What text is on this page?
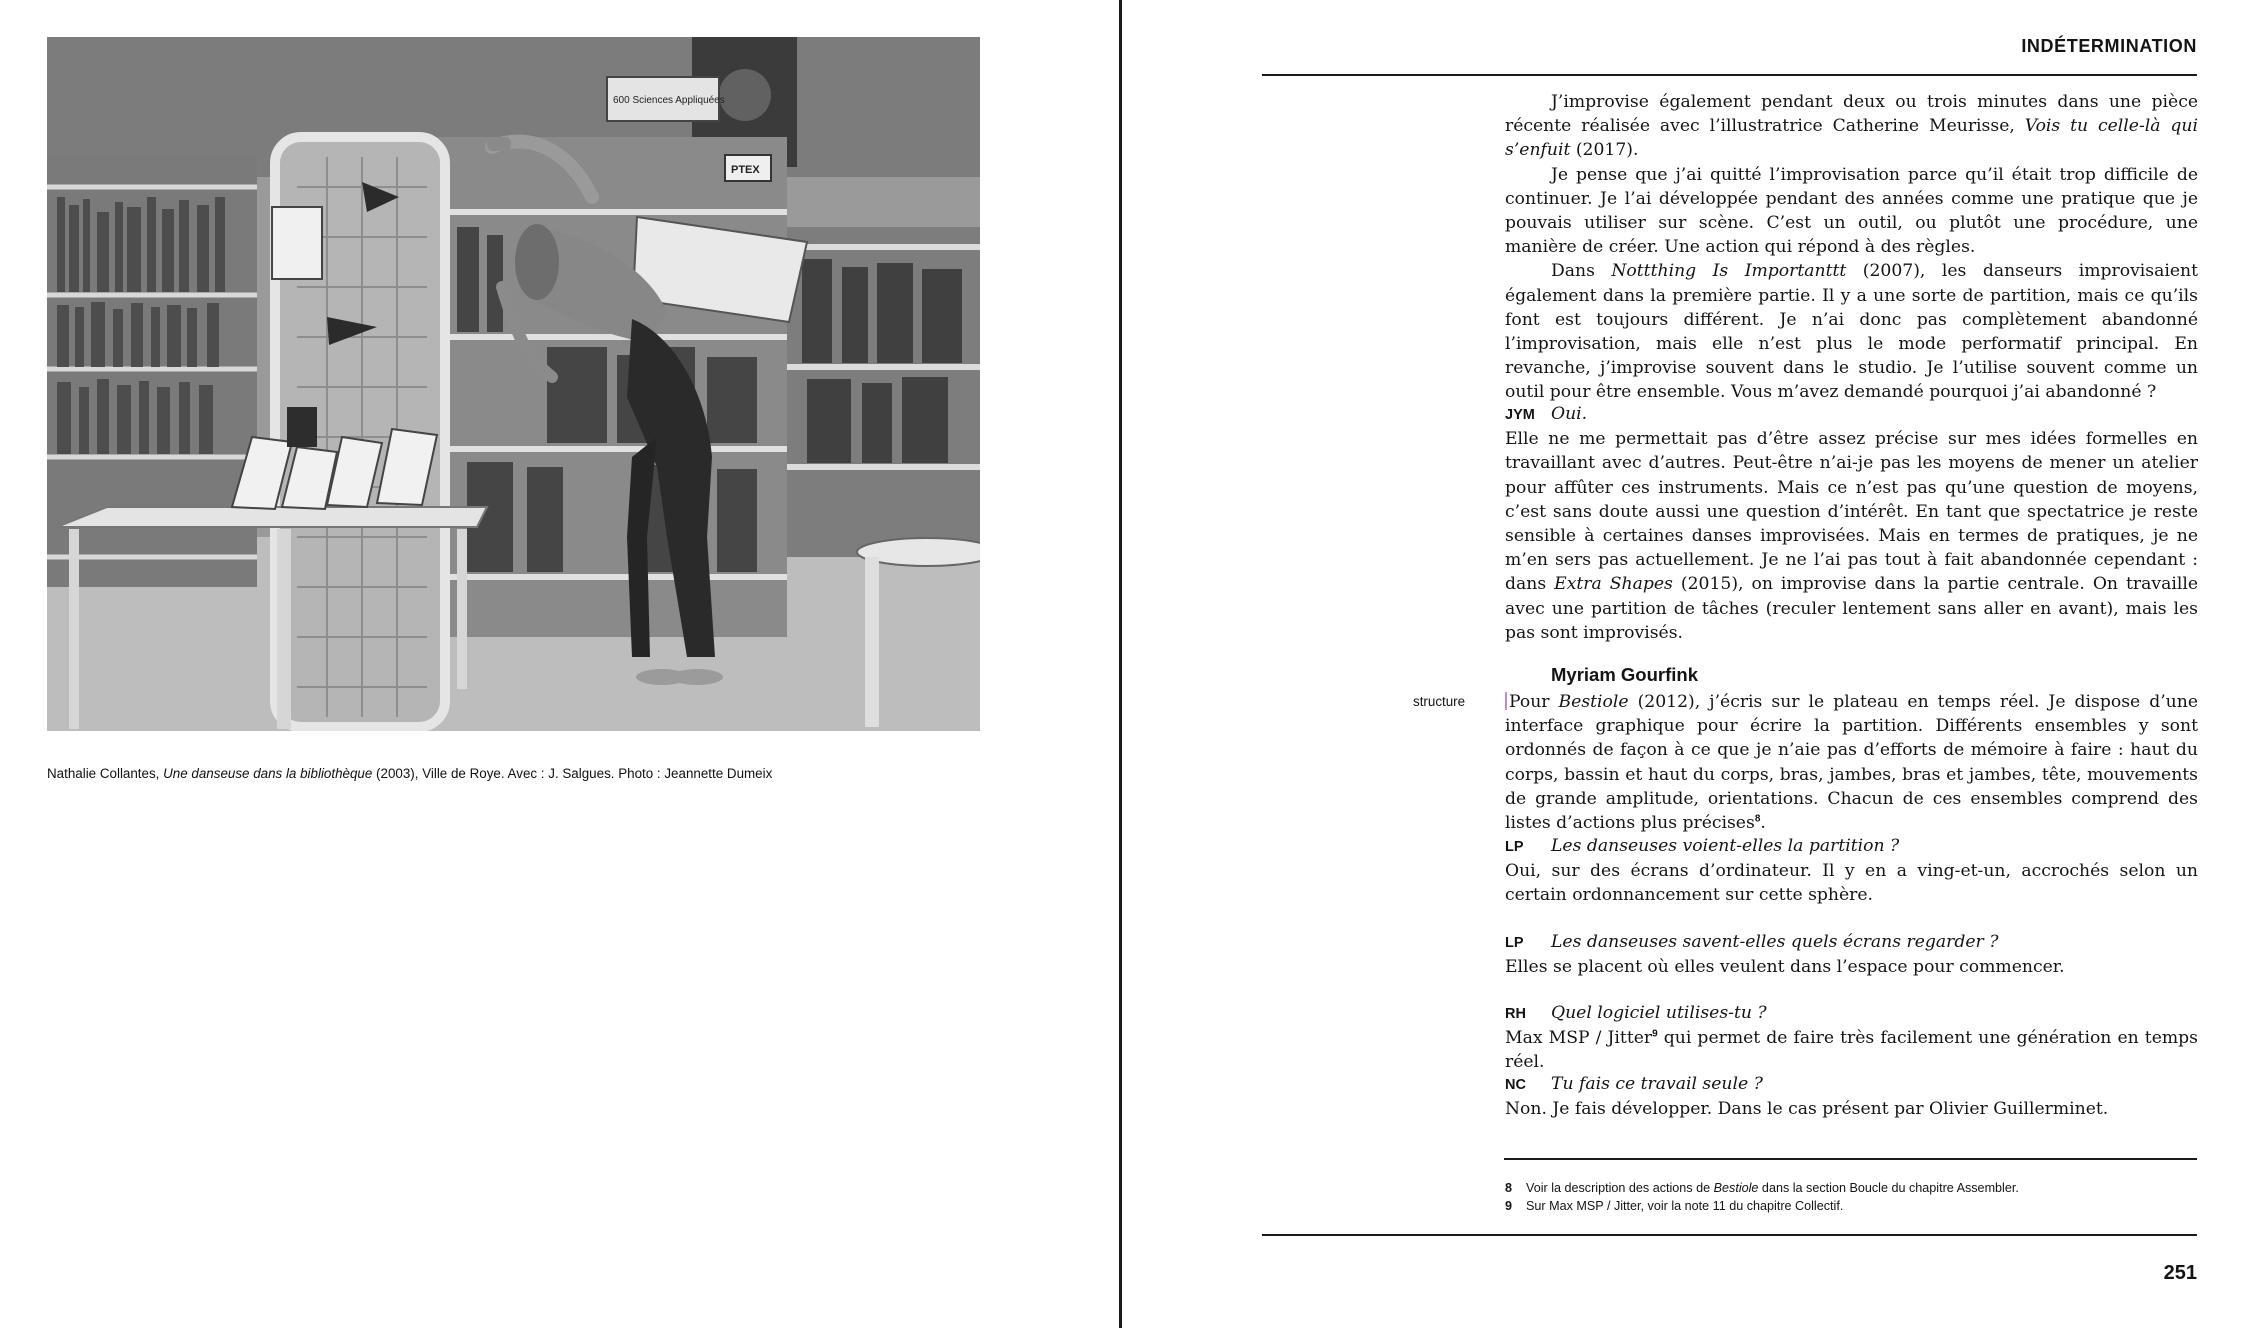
600 Sciences Appliquées
PTEX
Nathalie Collantes, Une danseuse dans la bibliothèque (2003), Ville de Roye. Avec : J. Salgues. Photo : Jeannette Dumeix
INDÉTERMINATION

J’improvise également pendant deux ou trois minutes dans une pièce récente réalisée avec l’illustratrice Catherine Meurisse, Vois tu celle-là qui s’enfuit (2017).

Je pense que j’ai quitté l’improvisation parce qu’il était trop difficile de continuer. Je l’ai développée pendant des années comme une pratique que je pouvais utiliser sur scène. C’est un outil, ou plutôt une procédure, une manière de créer. Une action qui répond à des règles.

Dans Nottthing Is Importanttt (2007), les danseurs improvisaient également dans la première partie. Il y a une sorte de partition, mais ce qu’ils font est toujours différent. Je n’ai donc pas complètement abandonné l’improvisation, mais elle n’est plus le mode performatif principal. En revanche, j’improvise souvent dans le studio. Je l’utilise souvent comme un outil pour être ensemble. Vous m’avez demandé pourquoi j’ai abandonné ?

JYM Oui.

Elle ne me permettait pas d’être assez précise sur mes idées formelles en travaillant avec d’autres. Peut-être n’ai-je pas les moyens de mener un atelier pour affûter ces instruments. Mais ce n’est pas qu’une question de moyens, c’est sans doute aussi une question d’intérêt. En tant que spectatrice je reste sensible à certaines danses improvisées. Mais en termes de pratiques, je ne m’en sers pas actuellement. Je ne l’ai pas tout à fait abandonnée cependant : dans Extra Shapes (2015), on improvise dans la partie centrale. On travaille avec une partition de tâches (reculer lentement sans aller en avant), mais les pas sont improvisés.

Myriam Gourfink
structure	Pour Bestiole (2012), j’écris sur le plateau en temps réel. Je dispose d’une interface graphique pour écrire la partition. Différents ensembles y sont ordonnés de façon à ce que je n’aie pas d’efforts de mémoire à faire : haut du corps, bassin et haut du corps, bras, jambes, bras et jambes, tête, mouvements de grande amplitude, orientations. Chacun de ces ensembles comprend des listes d’actions plus précises$^8$.

LP Les danseuses voient-elles la partition ?

Oui, sur des écrans d’ordinateur. Il y en a ving-et-un, accrochés selon un certain ordonnancement sur cette sphère.

LP Les danseuses savent-elles quels écrans regarder ?

Elles se placent où elles veulent dans l’espace pour commencer.

RH Quel logiciel utilises-tu ?

Max MSP / Jitter$^9$ qui permet de faire très facilement une génération en temps réel.

NC Tu fais ce travail seule ?

Non. Je fais développer. Dans le cas présent par Olivier Guillerminet.

8 Voir la description des actions de Bestiole dans la section Boucle du chapitre Assembler.
9 Sur Max MSP / Jitter, voir la note 11 du chapitre Collectif.
251
